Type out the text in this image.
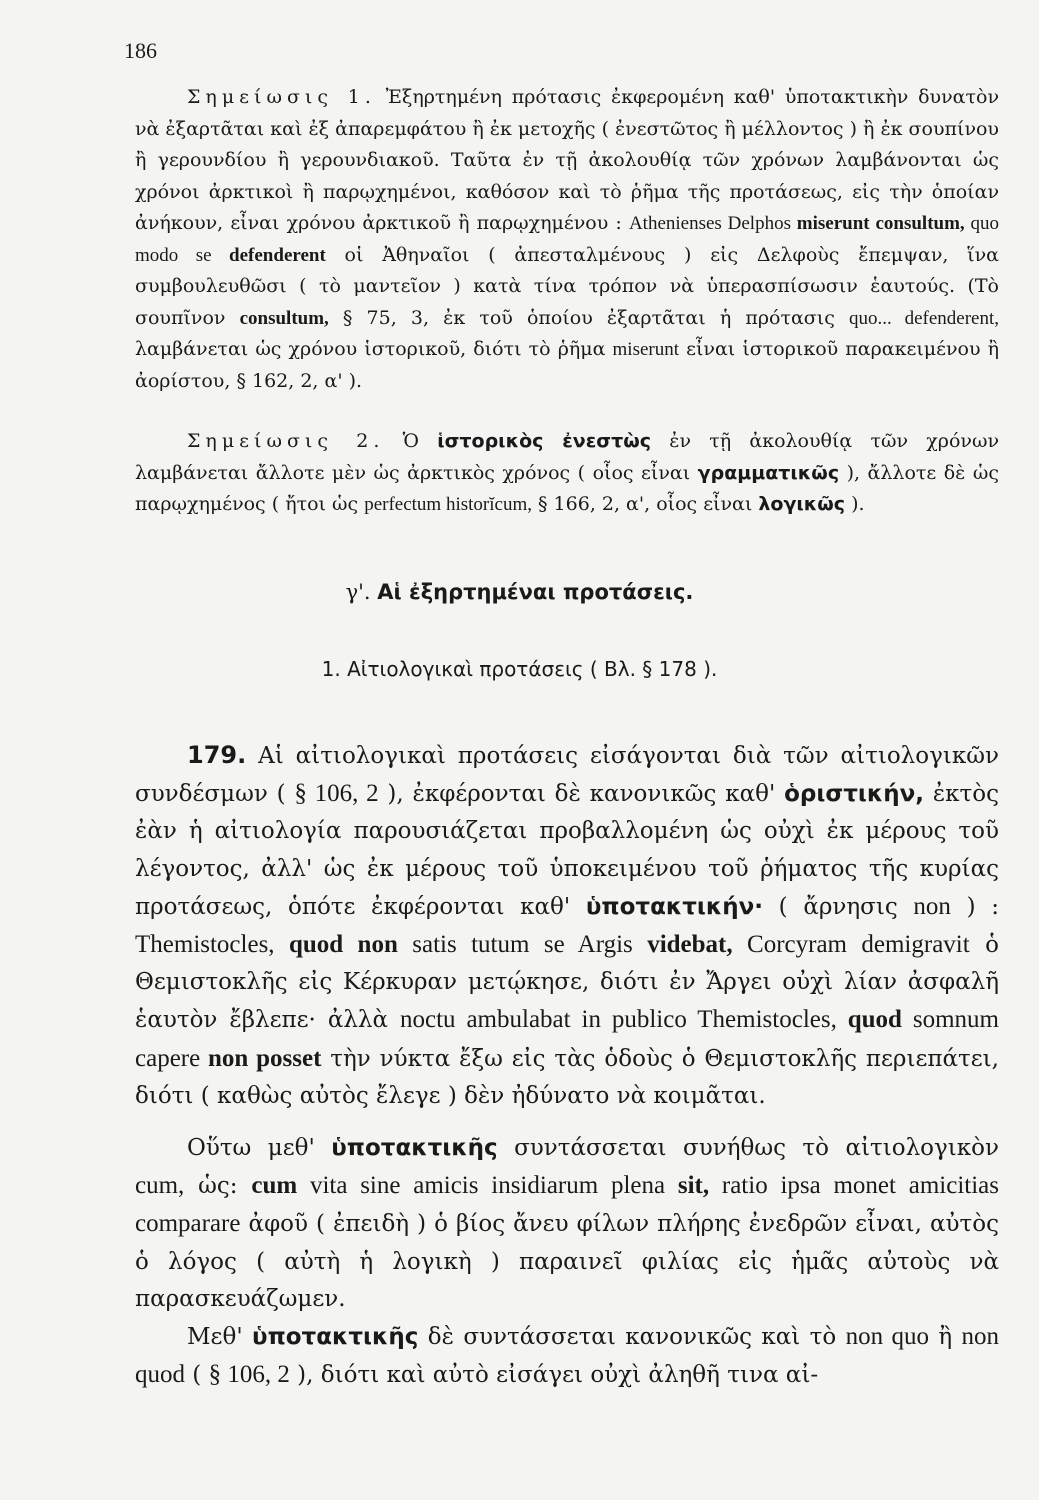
186

Σημείωσις 1. Ἐξηρτημένη πρότασις ἐκφερομένη καθ' ὑποτακτικὴν δυνατὸν νὰ ἐξαρτᾶται καὶ ἐξ ἀπαρεμφάτου ἢ ἐκ μετοχῆς ( ἐνεστῶτος ἢ μέλλοντος ) ἢ ἐκ σουπίνου ἢ γερουνδίου ἢ γερουνδιακοῦ. Ταῦτα ἐν τῇ ἀκολουθίᾳ τῶν χρόνων λαμβάνονται ὡς χρόνοι ἀρκτικοὶ ἢ παρῳχημένοι, καθόσον καὶ τὸ ῥῆμα τῆς προτάσεως, εἰς τὴν ὁποίαν ἀνήκουν, εἶναι χρόνου ἀρκτικοῦ ἢ παρῳχημένου : Athenienses Delphos miserunt consultum, quo modo se defenderent οἱ Ἀθηναῖοι ( ἀπεσταλμένους ) εἰς Δελφοὺς ἔπεμψαν, ἵνα συμβουλευθῶσι ( τὸ μαντεῖον ) κατὰ τίνα τρόπον νὰ ὑπερασπίσωσιν ἑαυτούς. (Τὸ σουπῖνον consultum, § 75, 3, ἐκ τοῦ ὁποίου ἐξαρτᾶται ἡ πρότασις quo... defenderent, λαμβάνεται ὡς χρόνου ἱστορικοῦ, διότι τὸ ῥῆμα miserunt εἶναι ἱστορικοῦ παρακειμένου ἢ ἀορίστου, § 162, 2, α' ).

Σημείωσις 2. Ὁ ἱστορικὸς ἐνεστὼς ἐν τῇ ἀκολουθίᾳ τῶν χρόνων λαμβάνεται ἄλλοτε μὲν ὡς ἀρκτικὸς χρόνος ( οἷος εἶναι γραμματικῶς ), ἄλλοτε δὲ ὡς παρῳχημένος ( ἤτοι ὡς perfectum historĭcum, § 166, 2, α', οἷος εἶναι λογικῶς ).

γ'. Αἱ ἐξηρτημέναι προτάσεις.
1. Αἰτιολογικαὶ προτάσεις ( Βλ. § 178 ).

179. Αἱ αἰτιολογικαὶ προτάσεις εἰσάγονται διὰ τῶν αἰτιολογικῶν συνδέσμων ( § 106, 2 ), ἐκφέρονται δὲ κανονικῶς καθ' ὁριστικήν, ἐκτὸς ἐὰν ἡ αἰτιολογία παρουσιάζεται προβαλλομένη ὡς οὐχὶ ἐκ μέρους τοῦ λέγοντος, ἀλλ' ὡς ἐκ μέρους τοῦ ὑποκειμένου τοῦ ῥήματος τῆς κυρίας προτάσεως, ὁπότε ἐκφέρονται καθ' ὑποτακτικήν· ( ἄρνησις non ) : Themistocles, quod non satis tutum se Argis videbat, Corcyram demigravit ὁ Θεμιστοκλῆς εἰς Κέρκυραν μετῴκησε, διότι ἐν Ἄργει οὐχὶ λίαν ἀσφαλῆ ἑαυτὸν ἔβλεπε· ἀλλὰ noctu ambulabat in publico Themistocles, quod somnum capere non posset τὴν νύκτα ἔξω εἰς τὰς ὁδοὺς ὁ Θεμιστοκλῆς περιεπάτει, διότι ( καθὼς αὐτὸς ἔλεγε ) δὲν ἠδύνατο νὰ κοιμᾶται.

Οὕτω μεθ' ὑποτακτικῆς συντάσσεται συνήθως τὸ αἰτιολογικὸν cum, ὡς: cum vita sine amicis insidiarum plena sit, ratio ipsa monet amicitias comparare ἀφοῦ ( ἐπειδὴ ) ὁ βίος ἄνευ φίλων πλήρης ἐνεδρῶν εἶναι, αὐτὸς ὁ λόγος ( αὐτὴ ἡ λογικὴ ) παραινεῖ φιλίας εἰς ἡμᾶς αὐτοὺς νὰ παρασκευάζωμεν.

Μεθ' ὑποτακτικῆς δὲ συντάσσεται κανονικῶς καὶ τὸ non quo ἢ non quod ( § 106, 2 ), διότι καὶ αὐτὸ εἰσάγει οὐχὶ ἀληθῆ τινα αἰ-
